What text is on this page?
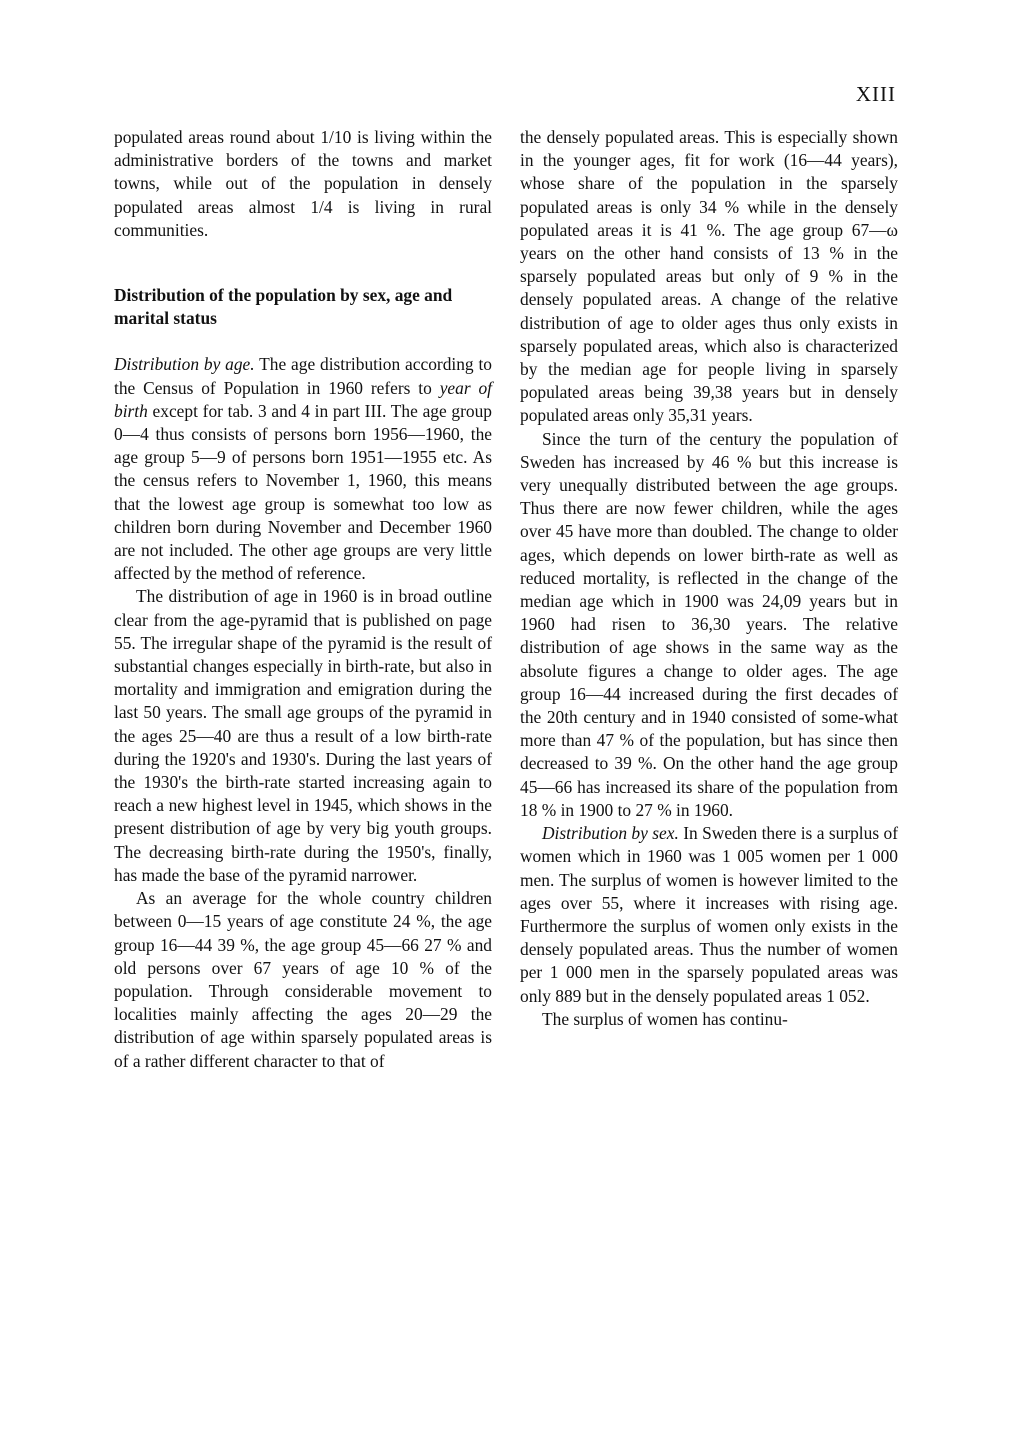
XIII

populated areas round about 1/10 is living within the administrative borders of the towns and market towns, while out of the population in densely populated areas almost 1/4 is living in rural communities.

Distribution of the population by sex, age and marital status

Distribution by age. The age distribution according to the Census of Population in 1960 refers to year of birth except for tab. 3 and 4 in part III. The age group 0—4 thus consists of persons born 1956—1960, the age group 5—9 of persons born 1951—1955 etc. As the census refers to November 1, 1960, this means that the lowest age group is somewhat too low as children born during November and December 1960 are not included. The other age groups are very little affected by the method of reference.

The distribution of age in 1960 is in broad outline clear from the age-pyramid that is published on page 55. The irregular shape of the pyramid is the result of substantial changes especially in birth-rate, but also in mortality and immigration and emigration during the last 50 years. The small age groups of the pyramid in the ages 25—40 are thus a result of a low birth-rate during the 1920's and 1930's. During the last years of the 1930's the birth-rate started increasing again to reach a new highest level in 1945, which shows in the present distribution of age by very big youth groups. The decreasing birth-rate during the 1950's, finally, has made the base of the pyramid narrower.

As an average for the whole country children between 0—15 years of age constitute 24 %, the age group 16—44 39 %, the age group 45—66 27 % and old persons over 67 years of age 10 % of the population. Through considerable movement to localities mainly affecting the ages 20—29 the distribution of age within sparsely populated areas is of a rather different character to that of

the densely populated areas. This is especially shown in the younger ages, fit for work (16—44 years), whose share of the population in the sparsely populated areas is only 34 % while in the densely populated areas it is 41 %. The age group 67—ω years on the other hand consists of 13 % in the sparsely populated areas but only of 9 % in the densely populated areas. A change of the relative distribution of age to older ages thus only exists in sparsely populated areas, which also is characterized by the median age for people living in sparsely populated areas being 39,38 years but in densely populated areas only 35,31 years.

Since the turn of the century the population of Sweden has increased by 46 % but this increase is very unequally distributed between the age groups. Thus there are now fewer children, while the ages over 45 have more than doubled. The change to older ages, which depends on lower birth-rate as well as reduced mortality, is reflected in the change of the median age which in 1900 was 24,09 years but in 1960 had risen to 36,30 years. The relative distribution of age shows in the same way as the absolute figures a change to older ages. The age group 16—44 increased during the first decades of the 20th century and in 1940 consisted of some-what more than 47 % of the population, but has since then decreased to 39 %. On the other hand the age group 45—66 has increased its share of the population from 18 % in 1900 to 27 % in 1960.

Distribution by sex. In Sweden there is a surplus of women which in 1960 was 1 005 women per 1 000 men. The surplus of women is however limited to the ages over 55, where it increases with rising age. Furthermore the surplus of women only exists in the densely populated areas. Thus the number of women per 1 000 men in the sparsely populated areas was only 889 but in the densely populated areas 1 052.

The surplus of women has continu-
